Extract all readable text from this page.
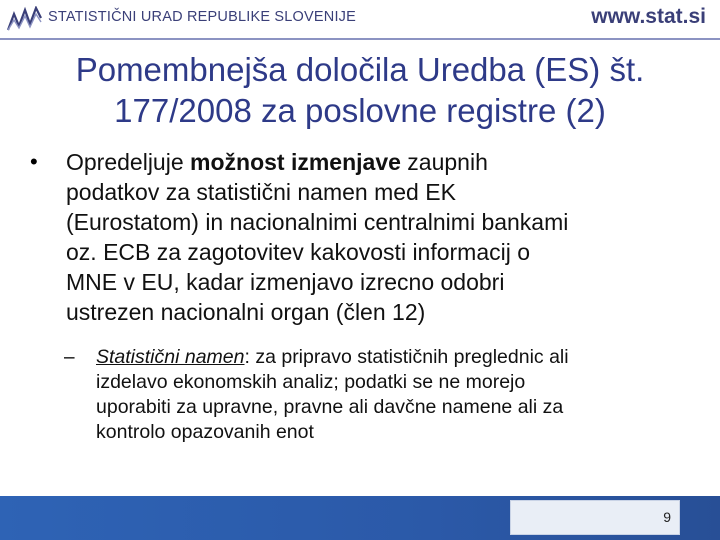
STATISTIČNI URAD REPUBLIKE SLOVENIJE	www.stat.si
Pomembnejša določila Uredba (ES) št.
177/2008 za poslovne registre (2)
• Opredeljuje možnost izmenjave zaupnih
podatkov za statistični namen med EK
(Eurostatom) in nacionalnimi centralnimi bankami
oz. ECB za zagotovitev kakovosti informacij o
MNE v EU, kadar izmenjavo izrecno odobri
ustrezen nacionalni organ (člen 12)
– Statistični namen: za pripravo statističnih preglednic ali
izdelavo ekonomskih analiz; podatki se ne morejo
uporabiti za upravne, pravne ali davčne namene ali za
kontrolo opazovanih enot
9
